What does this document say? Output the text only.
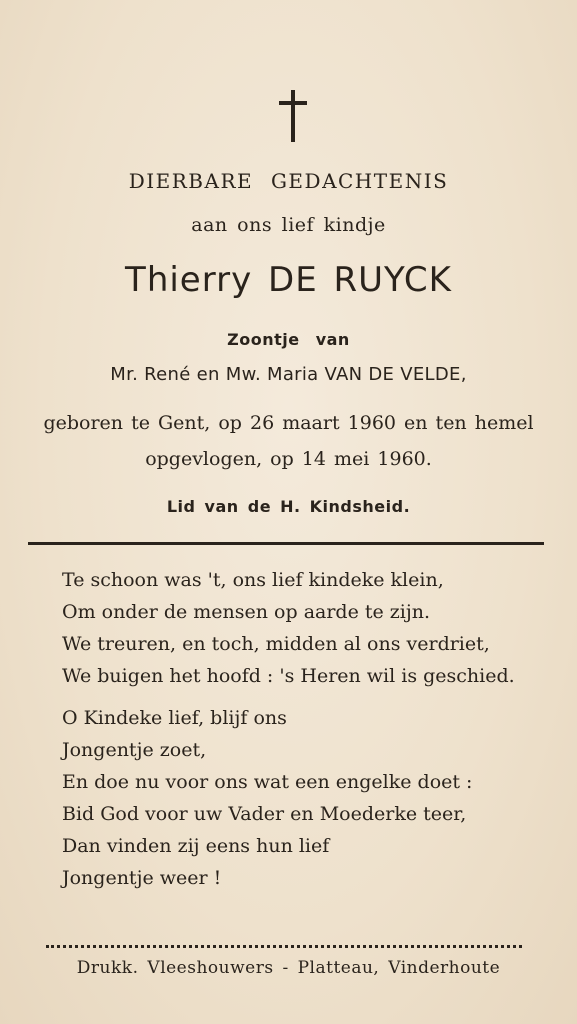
DIERBARE GEDACHTENIS
aan ons lief kindje
Thierry DE RUYCK
Zoontje van
Mr. René en Mw. Maria VAN DE VELDE,
geboren te Gent, op 26 maart 1960 en ten hemel
opgevlogen, op 14 mei 1960.
Lid van de H. Kindsheid.
Te schoon was 't, ons lief kindeke klein,
Om onder de mensen op aarde te zijn.
We treuren, en toch, midden al ons verdriet,
We buigen het hoofd : 's Heren wil is geschied.
O Kindeke lief, blijf ons
Jongentje zoet,
En doe nu voor ons wat een engelke doet :
Bid God voor uw Vader en Moederke teer,
Dan vinden zij eens hun lief
Jongentje weer !
Drukk. Vleeshouwers - Platteau, Vinderhoute
